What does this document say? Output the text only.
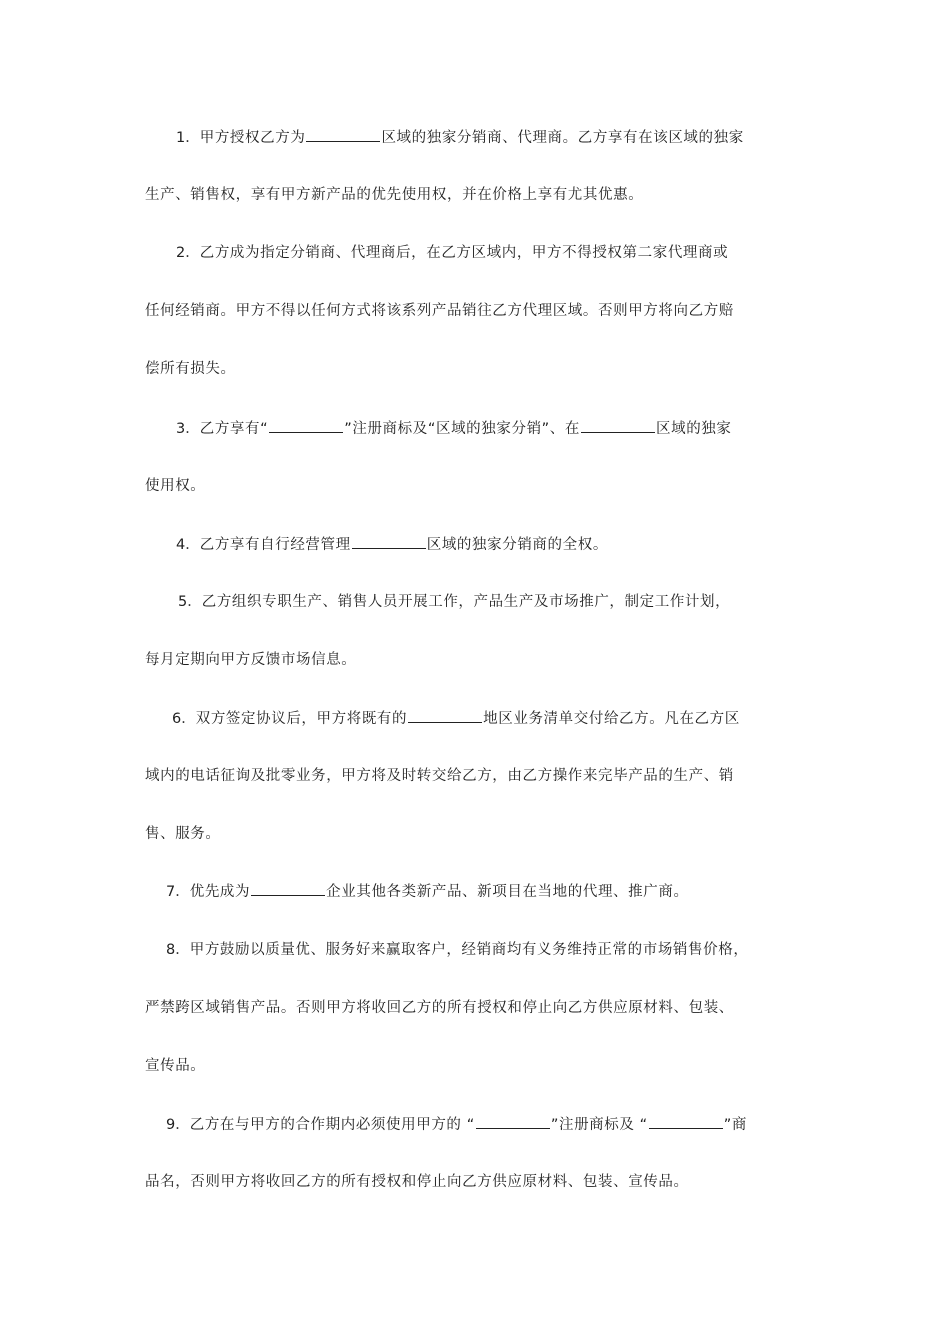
1．甲方授权乙方为	区域的独家分销商、代理商。乙方享有在该区域的独家
生产、销售权，享有甲方新产品的优先使用权，并在价格上享有尤其优惠。
2．乙方成为指定分销商、代理商后，在乙方区域内，甲方不得授权第二家代理商或
任何经销商。甲方不得以任何方式将该系列产品销往乙方代理区域。否则甲方将向乙方赔
偿所有损失。
3．乙方享有“	”注册商标及“区域的独家分销”、在	区域的独家
使用权。
4．乙方享有自行经营管理	区域的独家分销商的全权。
5．乙方组织专职生产、销售人员开展工作，产品生产及市场推广，制定工作计划，
每月定期向甲方反馈市场信息。
6．双方签定协议后，甲方将既有的	地区业务清单交付给乙方。凡在乙方区
域内的电话征询及批零业务，甲方将及时转交给乙方，由乙方操作来完毕产品的生产、销
售、服务。
7．优先成为	企业其他各类新产品、新项目在当地的代理、推广商。
8．甲方鼓励以质量优、服务好来赢取客户，经销商均有义务维持正常的市场销售价格，
严禁跨区域销售产品。否则甲方将收回乙方的所有授权和停止向乙方供应原材料、包装、
宣传品。
9．乙方在与甲方的合作期内必须使用甲方的 “	”注册商标及 “	”商
品名，否则甲方将收回乙方的所有授权和停止向乙方供应原材料、包装、宣传品。
